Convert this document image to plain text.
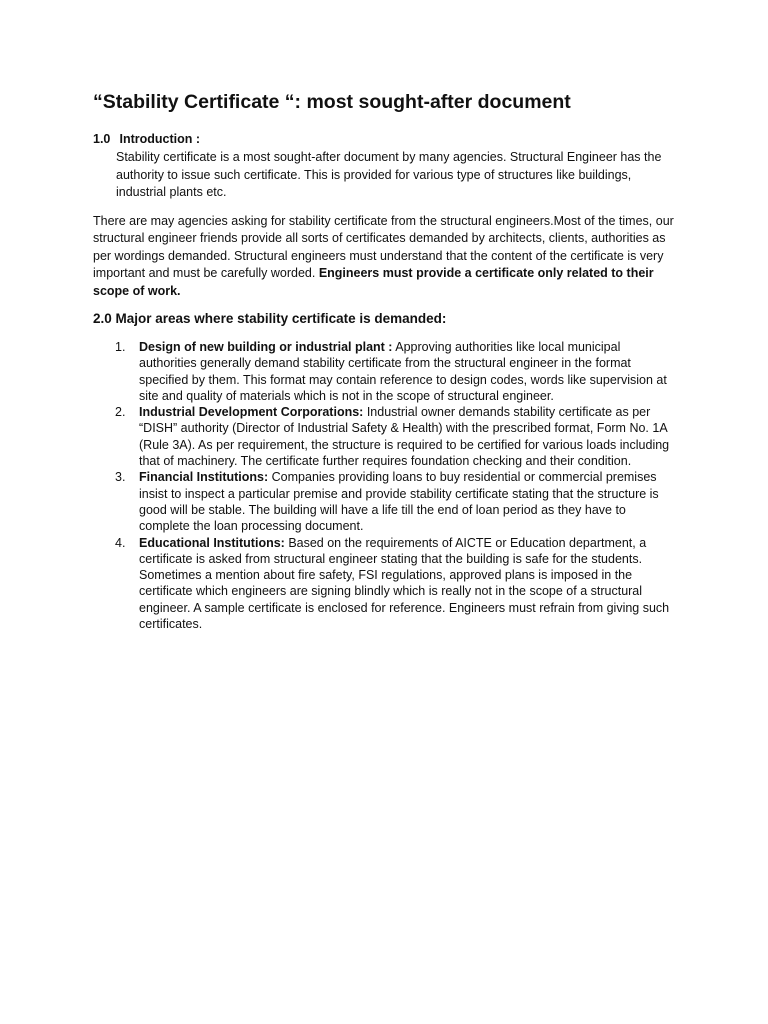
“Stability Certificate “: most sought-after document

1.0 Introduction :

Stability certificate is a most sought-after document by many agencies. Structural Engineer has the authority to issue such certificate. This is provided for various type of structures like buildings, industrial plants etc.

There are may agencies asking for stability certificate from the structural engineers.Most of the times, our structural engineer friends provide all sorts of certificates demanded by architects, clients, authorities as per wordings demanded. Structural engineers must understand that the content of the certificate is very important and must be carefully worded. Engineers must provide a certificate only related to their scope of work.

2.0 Major areas where stability certificate is demanded:

1. Design of new building or industrial plant : Approving authorities like local municipal authorities generally demand stability certificate from the structural engineer in the format specified by them. This format may contain reference to design codes, words like supervision at site and quality of materials which is not in the scope of structural engineer.
2. Industrial Development Corporations: Industrial owner demands stability certificate as per “DISH” authority (Director of Industrial Safety & Health) with the prescribed format, Form No. 1A (Rule 3A). As per requirement, the structure is required to be certified for various loads including that of machinery. The certificate further requires foundation checking and their condition.
3. Financial Institutions: Companies providing loans to buy residential or commercial premises insist to inspect a particular premise and provide stability certificate stating that the structure is good will be stable. The building will have a life till the end of loan period as they have to complete the loan processing document.
4. Educational Institutions: Based on the requirements of AICTE or Education department, a certificate is asked from structural engineer stating that the building is safe for the students. Sometimes a mention about fire safety, FSI regulations, approved plans is imposed in the certificate which engineers are signing blindly which is really not in the scope of a structural engineer. A sample certificate is enclosed for reference. Engineers must refrain from giving such certificates.
